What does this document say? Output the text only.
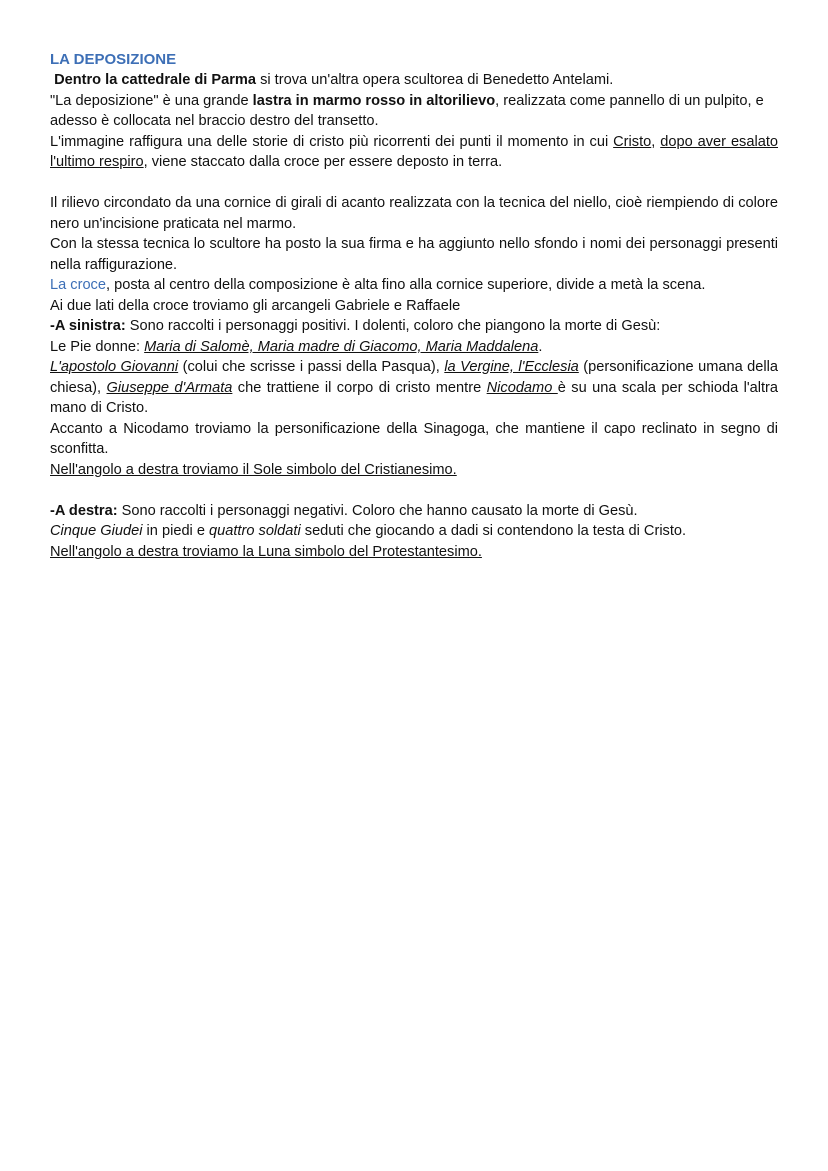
LA DEPOSIZIONE

Dentro la cattedrale di Parma si trova un'altra opera scultorea di Benedetto Antelami.

"La deposizione" è una grande lastra in marmo rosso in altorilievo, realizzata come pannello di un pulpito, e adesso è collocata nel braccio destro del transetto.

L'immagine raffigura una delle storie di cristo più ricorrenti dei punti il momento in cui Cristo, dopo aver esalato l'ultimo respiro, viene staccato dalla croce per essere deposto in terra.

Il rilievo circondato da una cornice di girali di acanto realizzata con la tecnica del niello, cioè riempiendo di colore nero un'incisione praticata nel marmo.

Con la stessa tecnica lo scultore ha posto la sua firma e ha aggiunto nello sfondo i nomi dei personaggi presenti nella raffigurazione.

La croce, posta al centro della composizione è alta fino alla cornice superiore, divide a metà la scena.

Ai due lati della croce troviamo gli arcangeli Gabriele e Raffaele

-A sinistra: Sono raccolti i personaggi positivi. I dolenti, coloro che piangono la morte di Gesù:

Le Pie donne: Maria di Salomè, Maria madre di Giacomo, Maria Maddalena.

L'apostolo Giovanni (colui che scrisse i passi della Pasqua), la Vergine, l'Ecclesia (personificazione umana della chiesa), Giuseppe d'Armata che trattiene il corpo di cristo mentre Nicodamo è su una scala per schioda l'altra mano di Cristo.

Accanto a Nicodamo troviamo la personificazione della Sinagoga, che mantiene il capo reclinato in segno di sconfitta.

Nell'angolo a destra troviamo il Sole simbolo del Cristianesimo.

-A destra: Sono raccolti i personaggi negativi. Coloro che hanno causato la morte di Gesù.

Cinque Giudei in piedi e quattro soldati seduti che giocando a dadi si contendono la testa di Cristo.

Nell'angolo a destra troviamo la Luna simbolo del Protestantesimo.
